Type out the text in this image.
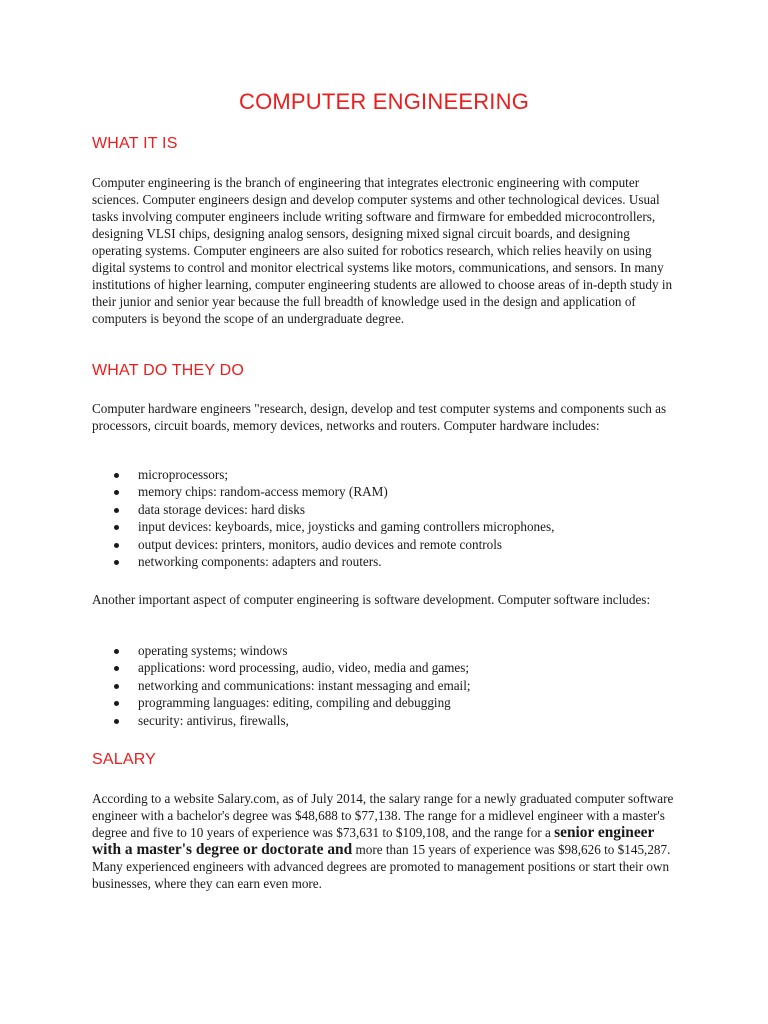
COMPUTER ENGINEERING
WHAT IT IS

Computer engineering is the branch of engineering that integrates electronic engineering with computer sciences. Computer engineers design and develop computer systems and other technological devices. Usual tasks involving computer engineers include writing software and firmware for embedded microcontrollers, designing VLSI chips, designing analog sensors, designing mixed signal circuit boards, and designing operating systems. Computer engineers are also suited for robotics research, which relies heavily on using digital systems to control and monitor electrical systems like motors, communications, and sensors. In many institutions of higher learning, computer engineering students are allowed to choose areas of in-depth study in their junior and senior year because the full breadth of knowledge used in the design and application of computers is beyond the scope of an undergraduate degree.

WHAT DO THEY DO

Computer hardware engineers "research, design, develop and test computer systems and components such as processors, circuit boards, memory devices, networks and routers. Computer hardware includes:

microprocessors;
memory chips: random-access memory (RAM)
data storage devices: hard disks
input devices: keyboards, mice, joysticks and gaming controllers microphones,
output devices: printers, monitors, audio devices and remote controls
networking components: adapters and routers.

Another important aspect of computer engineering is software development. Computer software includes:

operating systems; windows
applications: word processing, audio, video, media and games;
networking and communications: instant messaging and email;
programming languages: editing, compiling and debugging
security: antivirus, firewalls,
SALARY

According to a website Salary.com, as of July 2014, the salary range for a newly graduated computer software engineer with a bachelor's degree was $48,688 to $77,138. The range for a midlevel engineer with a master's degree and five to 10 years of experience was $73,631 to $109,108, and the range for a senior engineer with a master's degree or doctorate and more than 15 years of experience was $98,626 to $145,287. Many experienced engineers with advanced degrees are promoted to management positions or start their own businesses, where they can earn even more.
